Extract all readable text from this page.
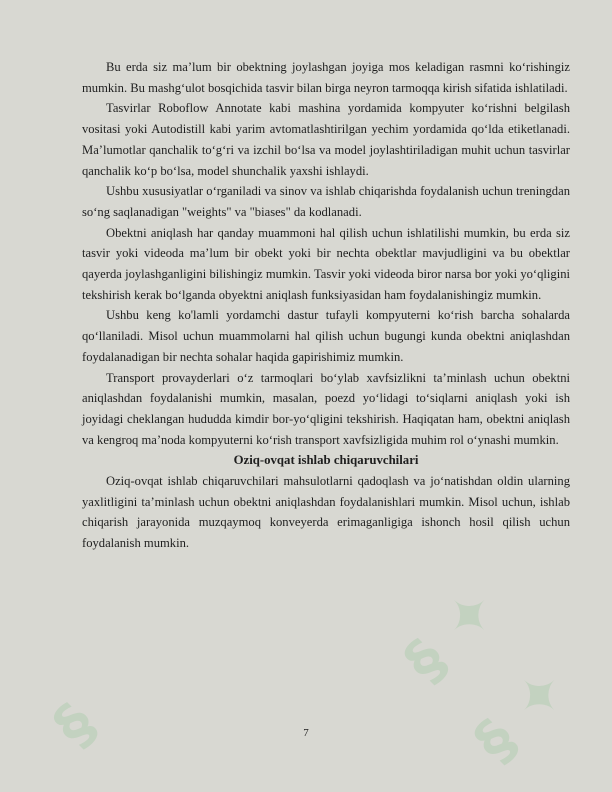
§ ✦
§ ✦
§

Bu erda siz ma’lum bir obektning joylashgan joyiga mos keladigan rasmni ko‘rishingiz mumkin. Bu mashg‘ulot bosqichida tasvir bilan birga neyron tarmoqqa kirish sifatida ishlatiladi.

Tasvirlar Roboflow Annotate kabi mashina yordamida kompyuter ko‘rishni belgilash vositasi yoki Autodistill kabi yarim avtomatlashtirilgan yechim yordamida qo‘lda etiketlanadi. Ma’lumotlar qanchalik to‘g‘ri va izchil bo‘lsa va model joylashtiriladigan muhit uchun tasvirlar qanchalik ko‘p bo‘lsa, model shunchalik yaxshi ishlaydi.

Ushbu xususiyatlar o‘rganiladi va sinov va ishlab chiqarishda foydalanish uchun treningdan so‘ng saqlanadigan "weights" va "biases" da kodlanadi.

Obektni aniqlash har qanday muammoni hal qilish uchun ishlatilishi mumkin, bu erda siz tasvir yoki videoda ma’lum bir obekt yoki bir nechta obektlar mavjudligini va bu obektlar qayerda joylashganligini bilishingiz mumkin. Tasvir yoki videoda biror narsa bor yoki yo‘qligini tekshirish kerak bo‘lganda obyektni aniqlash funksiyasidan ham foydalanishingiz mumkin.

Ushbu keng ko'lamli yordamchi dastur tufayli kompyuterni ko‘rish barcha sohalarda qo‘llaniladi. Misol uchun muammolarni hal qilish uchun bugungi kunda obektni aniqlashdan foydalanadigan bir nechta sohalar haqida gapirishimiz mumkin.

Transport provayderlari o‘z tarmoqlari bo‘ylab xavfsizlikni ta’minlash uchun obektni aniqlashdan foydalanishi mumkin, masalan, poezd yo‘lidagi to‘siqlarni aniqlash yoki ish joyidagi cheklangan hududda kimdir bor-yo‘qligini tekshirish. Haqiqatan ham, obektni aniqlash va kengroq ma’noda kompyuterni ko‘rish transport xavfsizligida muhim rol o‘ynashi mumkin.

Oziq-ovqat ishlab chiqaruvchilari

Oziq-ovqat ishlab chiqaruvchilari mahsulotlarni qadoqlash va jo‘natishdan oldin ularning yaxlitligini ta’minlash uchun obektni aniqlashdan foydalanishlari mumkin. Misol uchun, ishlab chiqarish jarayonida muzqaymoq konveyerda erimaganligiga ishonch hosil qilish uchun foydalanish mumkin.

7
